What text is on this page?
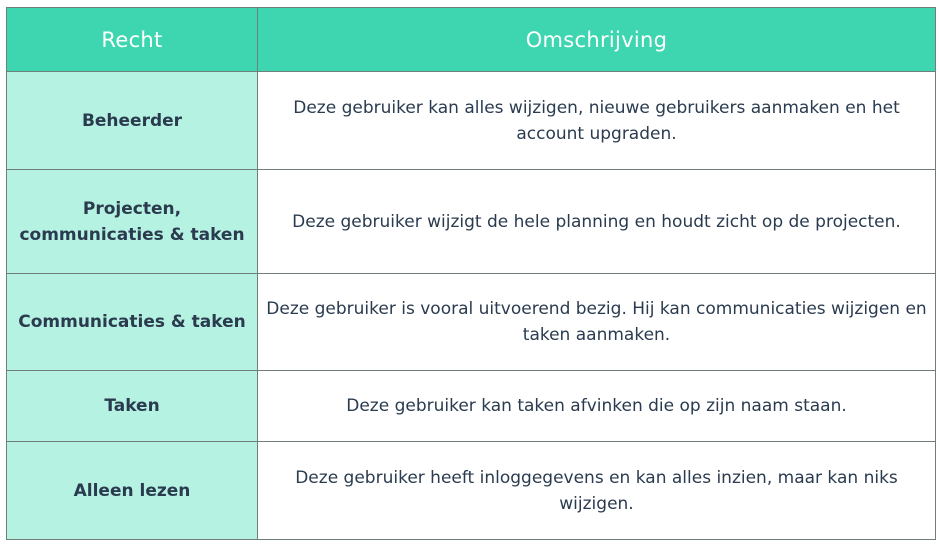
Recht	Omschrijving
Beheerder	Deze gebruiker kan alles wijzigen, nieuwe gebruikers aanmaken en het account upgraden.
Projecten, communicaties & taken	Deze gebruiker wijzigt de hele planning en houdt zicht op de projecten.
Communicaties & taken	Deze gebruiker is vooral uitvoerend bezig. Hij kan communicaties wijzigen en taken aanmaken.
Taken	Deze gebruiker kan taken afvinken die op zijn naam staan.
Alleen lezen	Deze gebruiker heeft inloggegevens en kan alles inzien, maar kan niks wijzigen.
